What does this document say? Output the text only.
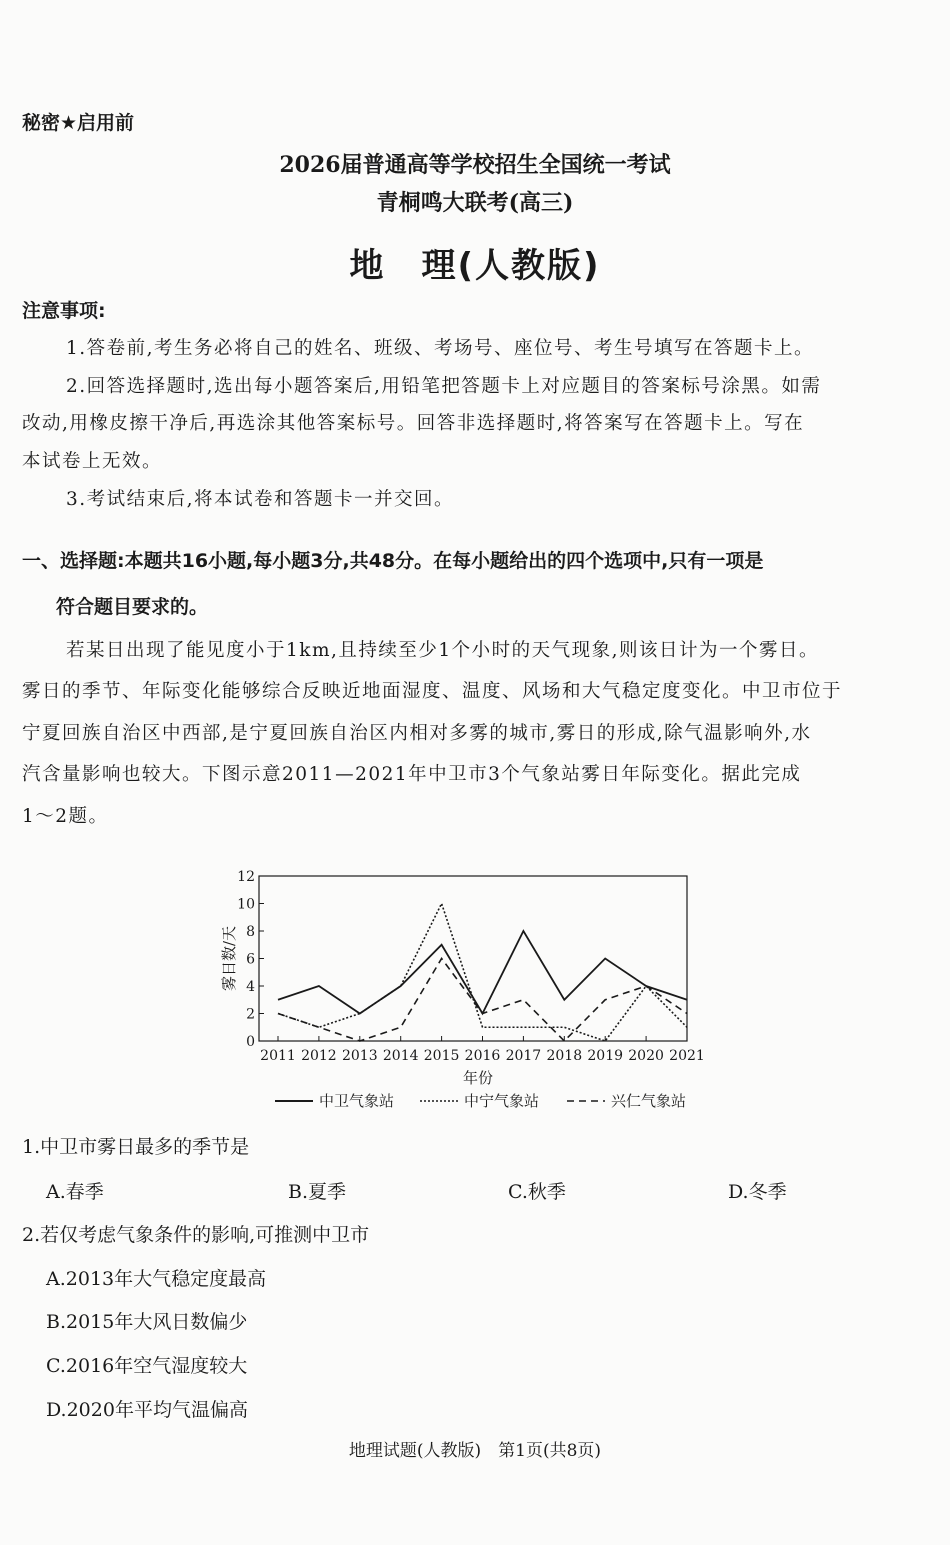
秘密★启用前
2026届普通高等学校招生全国统一考试
青桐鸣大联考(高三)
地　理(人教版)
注意事项:
1.答卷前,考生务必将自己的姓名、班级、考场号、座位号、考生号填写在答题卡上。
2.回答选择题时,选出每小题答案后,用铅笔把答题卡上对应题目的答案标号涂黑。如需
改动,用橡皮擦干净后,再选涂其他答案标号。回答非选择题时,将答案写在答题卡上。写在
本试卷上无效。
3.考试结束后,将本试卷和答题卡一并交回。
一、选择题:本题共16小题,每小题3分,共48分。在每小题给出的四个选项中,只有一项是
符合题目要求的。
若某日出现了能见度小于1km,且持续至少1个小时的天气现象,则该日计为一个雾日。
雾日的季节、年际变化能够综合反映近地面湿度、温度、风场和大气稳定度变化。中卫市位于
宁夏回族自治区中西部,是宁夏回族自治区内相对多雾的城市,雾日的形成,除气温影响外,水
汽含量影响也较大。下图示意2011—2021年中卫市3个气象站雾日年际变化。据此完成
1～2题。
0
2
4
6
8
10
12
2011 2012 2013 2014 2015 2016 2017 2018 2019 2020 2021
年份
雾日数/天
中卫气象站	中宁气象站	兴仁气象站
1.中卫市雾日最多的季节是
A.春季	B.夏季	C.秋季	D.冬季
2.若仅考虑气象条件的影响,可推测中卫市
A.2013年大气稳定度最高
B.2015年大风日数偏少
C.2016年空气湿度较大
D.2020年平均气温偏高
地理试题(人教版)　第1页(共8页)
